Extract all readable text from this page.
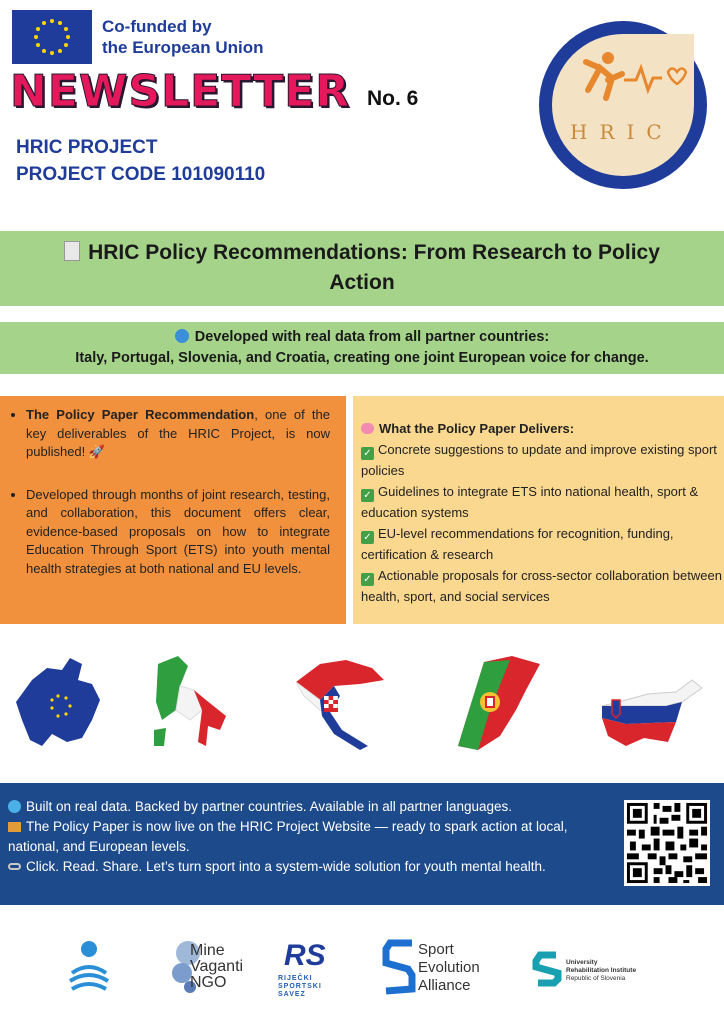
Co-funded by
the European Union
NEWSLETTER No. 6
HRIC PROJECT
PROJECT CODE 101090110
HRIC
HRIC Policy Recommendations: From Research to Policy Action
Developed with real data from all partner countries:
Italy, Portugal, Slovenia, and Croatia, creating one joint European voice for change.
• The Policy Paper Recommendation, one of the key deliverables of the HRIC Project, is now published! 🚀
• Developed through months of joint research, testing, and collaboration, this document offers clear, evidence-based proposals on how to integrate Education Through Sport (ETS) into youth mental health strategies at both national and EU levels.
What the Policy Paper Delivers:
✓ Concrete suggestions to update and improve existing sport policies
✓ Guidelines to integrate ETS into national health, sport & education systems
✓ EU-level recommendations for recognition, funding, certification & research
✓ Actionable proposals for cross-sector collaboration between health, sport, and social services
Built on real data. Backed by partner countries. Available in all partner languages.
The Policy Paper is now live on the HRIC Project Website — ready to spark action at local, national, and European levels.
Click. Read. Share. Let’s turn sport into a system-wide solution for youth mental health.
Mine
Vaganti
NGO
RS
RIJEČKI SPORTSKI SAVEZ
Sport
Evolution
Alliance
University
Rehabilitation Institute
Republic of Slovenia
